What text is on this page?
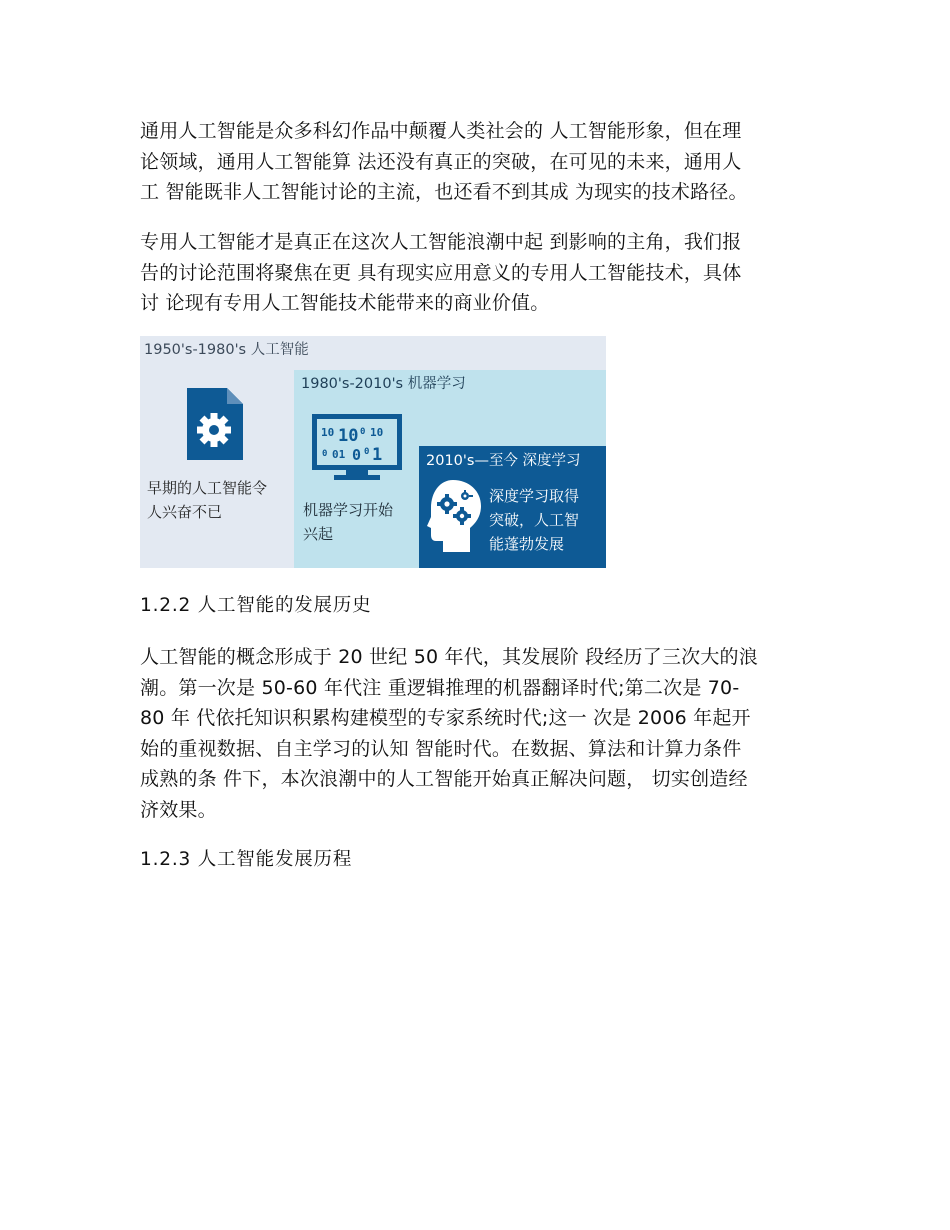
通用人工智能是众多科幻作品中颠覆人类社会的 人工智能形象，但在理
论领域，通用人工智能算 法还没有真正的突破，在可见的未来，通用人
工 智能既非人工智能讨论的主流，也还看不到其成 为现实的技术路径。
专用人工智能才是真正在这次人工智能浪潮中起 到影响的主角，我们报
告的讨论范围将聚焦在更 具有现实应用意义的专用人工智能技术，具体
讨 论现有专用人工智能技术能带来的商业价值。
1950's-1980's 人工智能
早期的人工智能令
人兴奋不已
1980's-2010's 机器学习
10 10 0 10
0 01 0 0 1
机器学习开始
兴起
2010's—至今 深度学习
深度学习取得
突破，人工智
能蓬勃发展
1.2.2 人工智能的发展历史
人工智能的概念形成于 20 世纪 50 年代，其发展阶 段经历了三次大的浪
潮。第一次是 50-60 年代注 重逻辑推理的机器翻译时代;第二次是 70-
80 年 代依托知识积累构建模型的专家系统时代;这一 次是 2006 年起开
始的重视数据、自主学习的认知 智能时代。在数据、算法和计算力条件
成熟的条 件下，本次浪潮中的人工智能开始真正解决问题， 切实创造经
济效果。
1.2.3 人工智能发展历程
